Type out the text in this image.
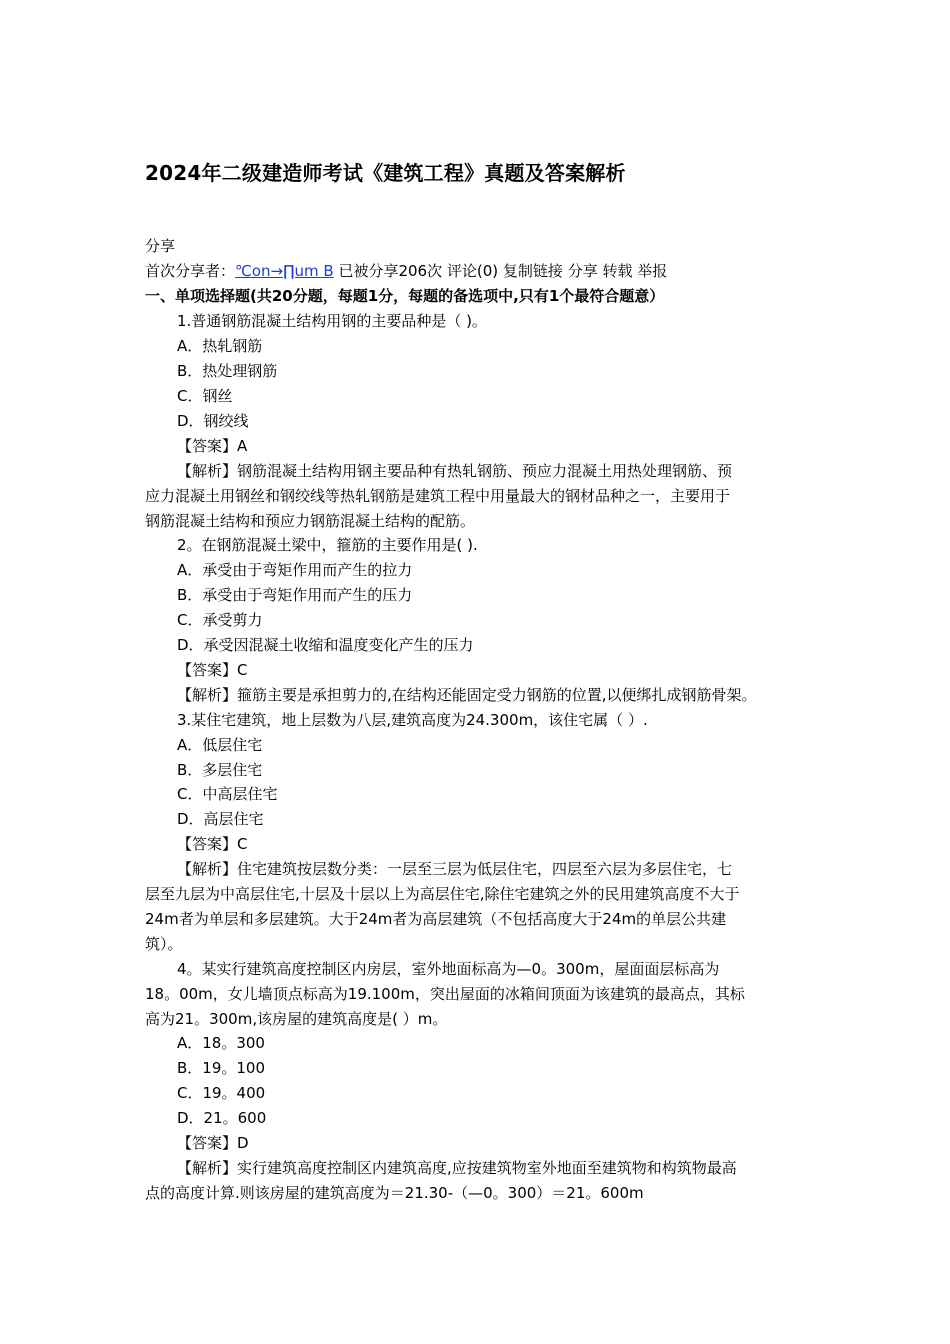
2024年二级建造师考试《建筑工程》真题及答案解析
分享
首次分享者：℃on→∏um В 已被分享206次 评论(0) 复制链接 分享 转载 举报
一、单项选择题(共20分题，每题1分，每题的备选项中,只有1个最符合题意）
1.普通钢筋混凝土结构用钢的主要品种是（ )。
A．热轧钢筋
B．热处理钢筋
C．钢丝
D．钢绞线
【答案】A
【解析】钢筋混凝土结构用钢主要品种有热轧钢筋、预应力混凝土用热处理钢筋、预
应力混凝土用钢丝和钢绞线等热轧钢筋是建筑工程中用量最大的钢材品种之一，主要用于
钢筋混凝土结构和预应力钢筋混凝土结构的配筋。
2。在钢筋混凝土梁中，箍筋的主要作用是( ).
A．承受由于弯矩作用而产生的拉力
B．承受由于弯矩作用而产生的压力
C．承受剪力
D．承受因混凝土收缩和温度变化产生的压力
【答案】C
【解析】箍筋主要是承担剪力的,在结构还能固定受力钢筋的位置,以便绑扎成钢筋骨架。
3.某住宅建筑，地上层数为八层,建筑高度为24.300m，该住宅属（ ）.
A．低层住宅
B．多层住宅
C．中高层住宅
D．高层住宅
【答案】C
【解析】住宅建筑按层数分类：一层至三层为低层住宅，四层至六层为多层住宅，七
层至九层为中高层住宅,十层及十层以上为高层住宅,除住宅建筑之外的民用建筑高度不大于
24m者为单层和多层建筑。大于24m者为高层建筑（不包括高度大于24m的单层公共建
筑）。
4。某实行建筑高度控制区内房层，室外地面标高为—0。300m，屋面面层标高为
18。00m，女儿墙顶点标高为19.100m，突出屋面的冰箱间顶面为该建筑的最高点，其标
高为21。300m,该房屋的建筑高度是( ）m。
A．18。300
B．19。100
C．19。400
D．21。600
【答案】D
【解析】实行建筑高度控制区内建筑高度,应按建筑物室外地面至建筑物和构筑物最高
点的高度计算.则该房屋的建筑高度为＝21.30-（—0。300）＝21。600m
